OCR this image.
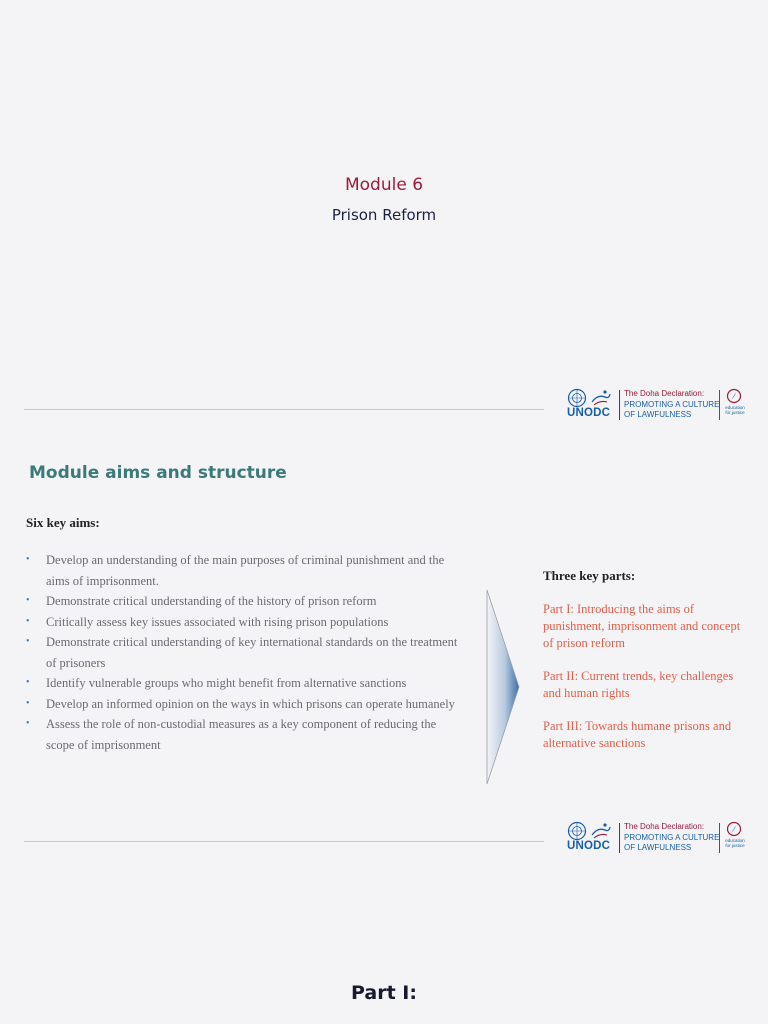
Module 6
Prison Reform
UNODC
The Doha Declaration:
PROMOTING A CULTURE
OF LAWFULNESS
education for justice
Module aims and structure
Six key aims:
• Develop an understanding of the main purposes of criminal punishment and the aims of imprisonment.
• Demonstrate critical understanding of the history of prison reform
• Critically assess key issues associated with rising prison populations
• Demonstrate critical understanding of key international standards on the treatment of prisoners
• Identify vulnerable groups who might benefit from alternative sanctions
• Develop an informed opinion on the ways in which prisons can operate humanely
• Assess the role of non-custodial measures as a key component of reducing the scope of imprisonment
Three key parts:
Part I: Introducing the aims of punishment, imprisonment and concept of prison reform
Part II: Current trends, key challenges and human rights
Part III: Towards humane prisons and alternative sanctions
UNODC
The Doha Declaration:
PROMOTING A CULTURE
OF LAWFULNESS
education for justice
Part I:
